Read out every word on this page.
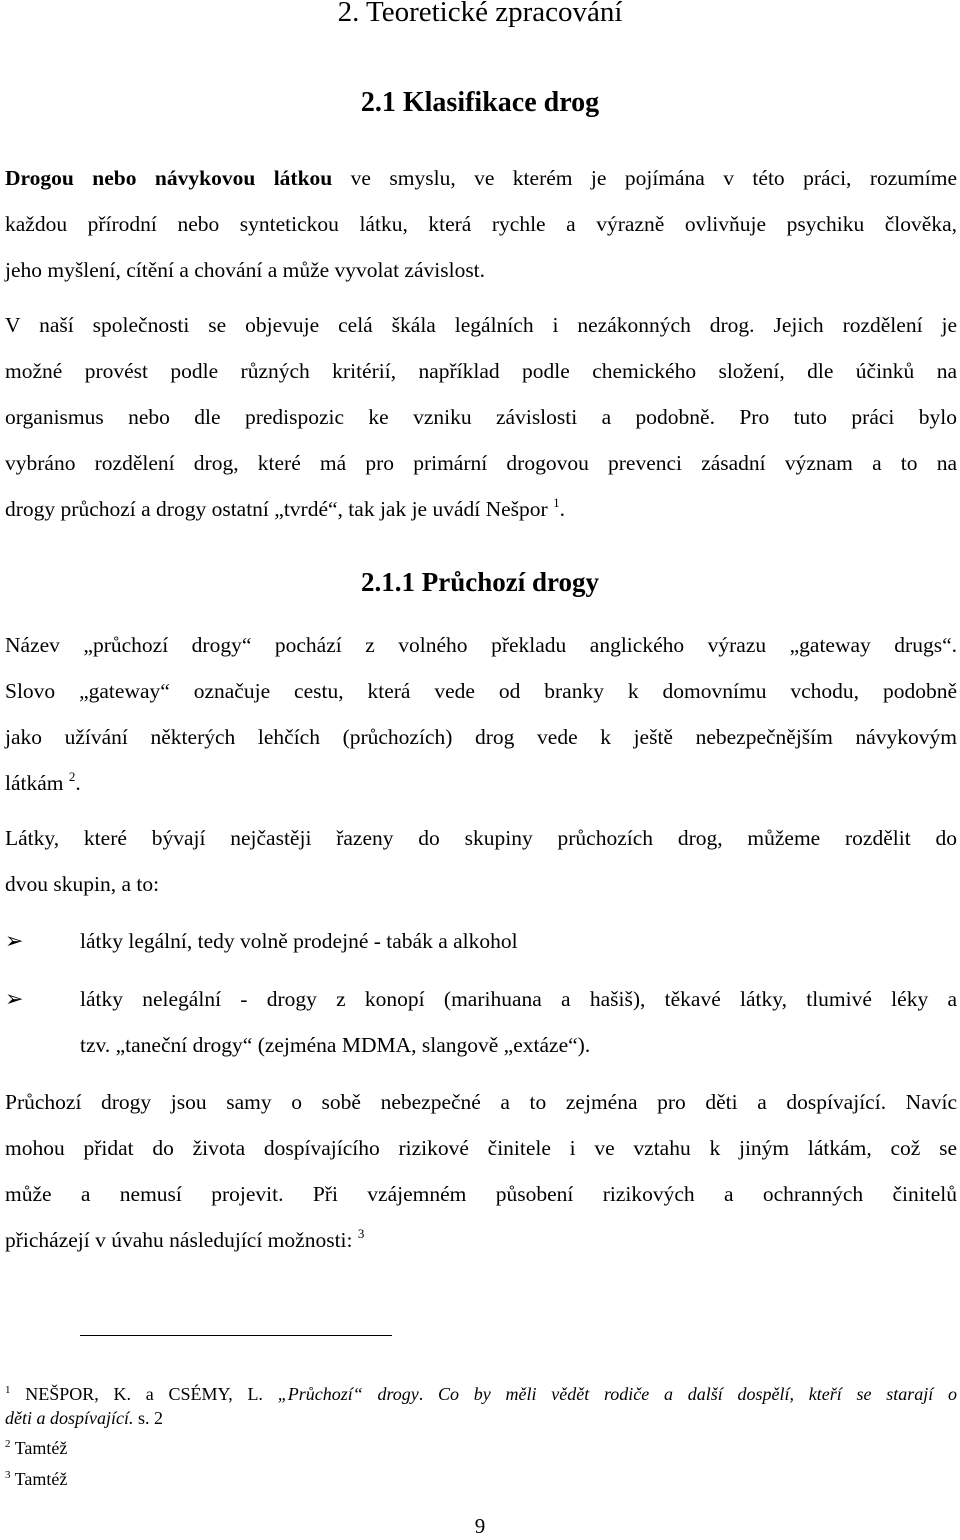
2. Teoretické zpracování
2.1 Klasifikace drog

Drogou nebo návykovou látkou ve smyslu, ve kterém je pojímána v této práci, rozumíme
každou přírodní nebo syntetickou látku, která rychle a výrazně ovlivňuje psychiku člověka,
jeho myšlení, cítění a chování a může vyvolat závislost.

V naší společnosti se objevuje celá škála legálních i nezákonných drog. Jejich rozdělení je
možné provést podle různých kritérií, například podle chemického složení, dle účinků na
organismus nebo dle predispozic ke vzniku závislosti a podobně. Pro tuto práci bylo
vybráno rozdělení drog, které má pro primární drogovou prevenci zásadní význam a to na
drogy průchozí a drogy ostatní „tvrdé“, tak jak je uvádí Nešpor $^1$.

2.1.1 Průchozí drogy

Název „průchozí drogy“ pochází z volného překladu anglického výrazu „gateway drugs“.
Slovo „gateway“ označuje cestu, která vede od branky k domovnímu vchodu, podobně
jako užívání některých lehčích (průchozích) drog vede k ještě nebezpečnějším návykovým
látkám $^2$.

Látky, které bývají nejčastěji řazeny do skupiny průchozích drog, můžeme rozdělit do
dvou skupin, a to:

➢	látky legální, tedy volně prodejné - tabák a alkohol

➢	látky nelegální - drogy z konopí (marihuana a hašiš), těkavé látky, tlumivé léky a
tzv. „taneční drogy“ (zejména MDMA, slangově „extáze“).

Průchozí drogy jsou samy o sobě nebezpečné a to zejména pro děti a dospívající. Navíc
mohou přidat do života dospívajícího rizikové činitele i ve vztahu k jiným látkám, což se
může a nemusí projevit. Při vzájemném působení rizikových a ochranných činitelů
přicházejí v úvahu následující možnosti: $^3$

$^1$ NEŠPOR, K. a CSÉMY, L. „Průchozí“ drogy. Co by měli vědět rodiče a další dospělí, kteří se starají o
děti a dospívající. s. 2

$^2$ Tamtéž

$^3$ Tamtéž

9
